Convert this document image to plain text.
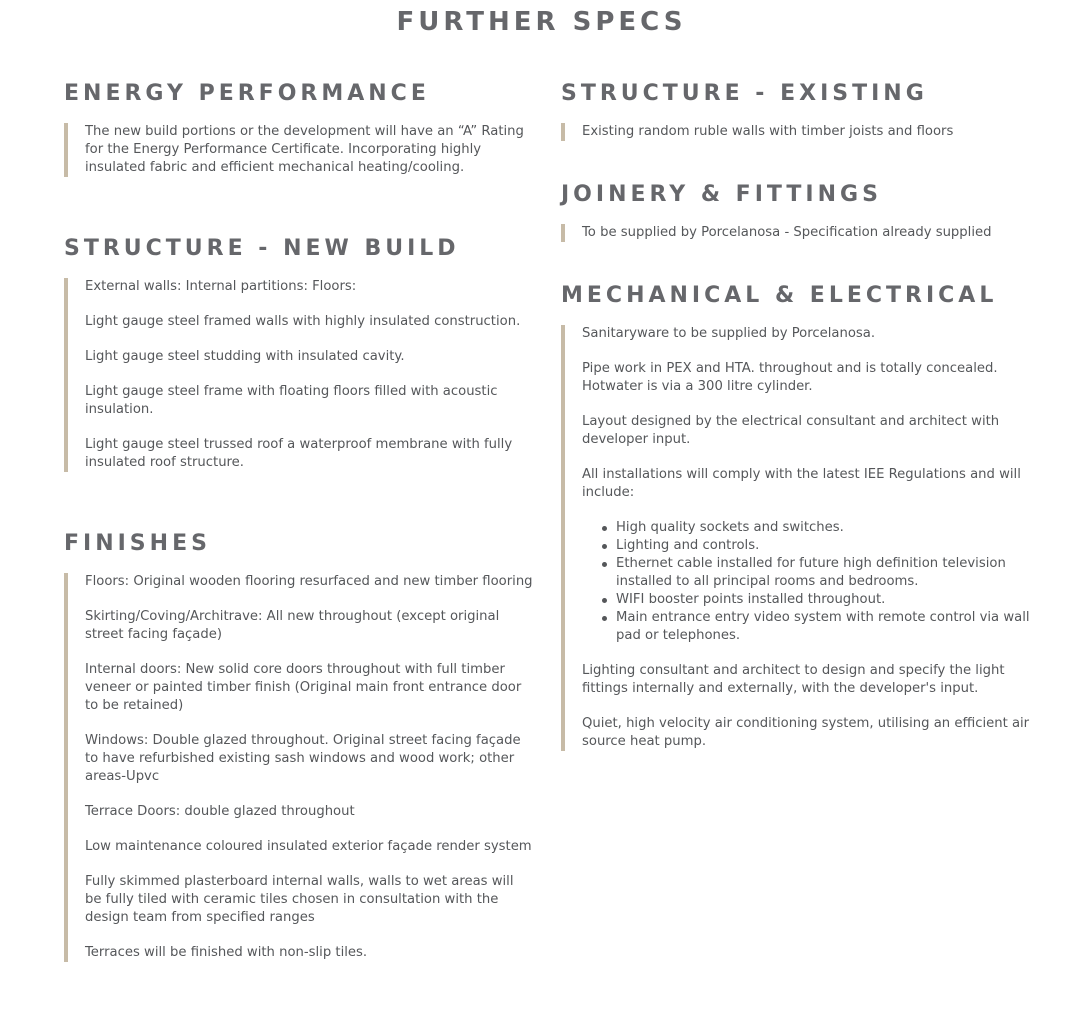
FURTHER SPECS
ENERGY PERFORMANCE

The new build portions or the development will have an “A” Rating for the Energy Performance Certificate. Incorporating highly insulated fabric and efficient mechanical heating/cooling.

STRUCTURE - NEW BUILD

External walls: Internal partitions: Floors:

Light gauge steel framed walls with highly insulated construction.

Light gauge steel studding with insulated cavity.

Light gauge steel frame with floating floors filled with acoustic insulation.

Light gauge steel trussed roof a waterproof membrane with fully insulated roof structure.

FINISHES

Floors: Original wooden flooring resurfaced and new timber flooring

Skirting/Coving/Architrave: All new throughout (except original street facing façade)

Internal doors: New solid core doors throughout with full timber veneer or painted timber finish (Original main front entrance door to be retained)

Windows: Double glazed throughout. Original street facing façade to have refurbished existing sash windows and wood work; other areas-Upvc

Terrace Doors: double glazed throughout

Low maintenance coloured insulated exterior façade render system

Fully skimmed plasterboard internal walls, walls to wet areas will be fully tiled with ceramic tiles chosen in consultation with the design team from specified ranges

Terraces will be finished with non-slip tiles.

STRUCTURE - EXISTING

Existing random ruble walls with timber joists and floors

JOINERY & FITTINGS

To be supplied by Porcelanosa - Specification already supplied

MECHANICAL & ELECTRICAL

Sanitaryware to be supplied by Porcelanosa.

Pipe work in PEX and HTA. throughout and is totally concealed. Hotwater is via a 300 litre cylinder.

Layout designed by the electrical consultant and architect with developer input.

All installations will comply with the latest IEE Regulations and will include:

High quality sockets and switches.
Lighting and controls.
Ethernet cable installed for future high definition television installed to all principal rooms and bedrooms.
WIFI booster points installed throughout.
Main entrance entry video system with remote control via wall pad or telephones.

Lighting consultant and architect to design and specify the light fittings internally and externally, with the developer's input.

Quiet, high velocity air conditioning system, utilising an efficient air source heat pump.
